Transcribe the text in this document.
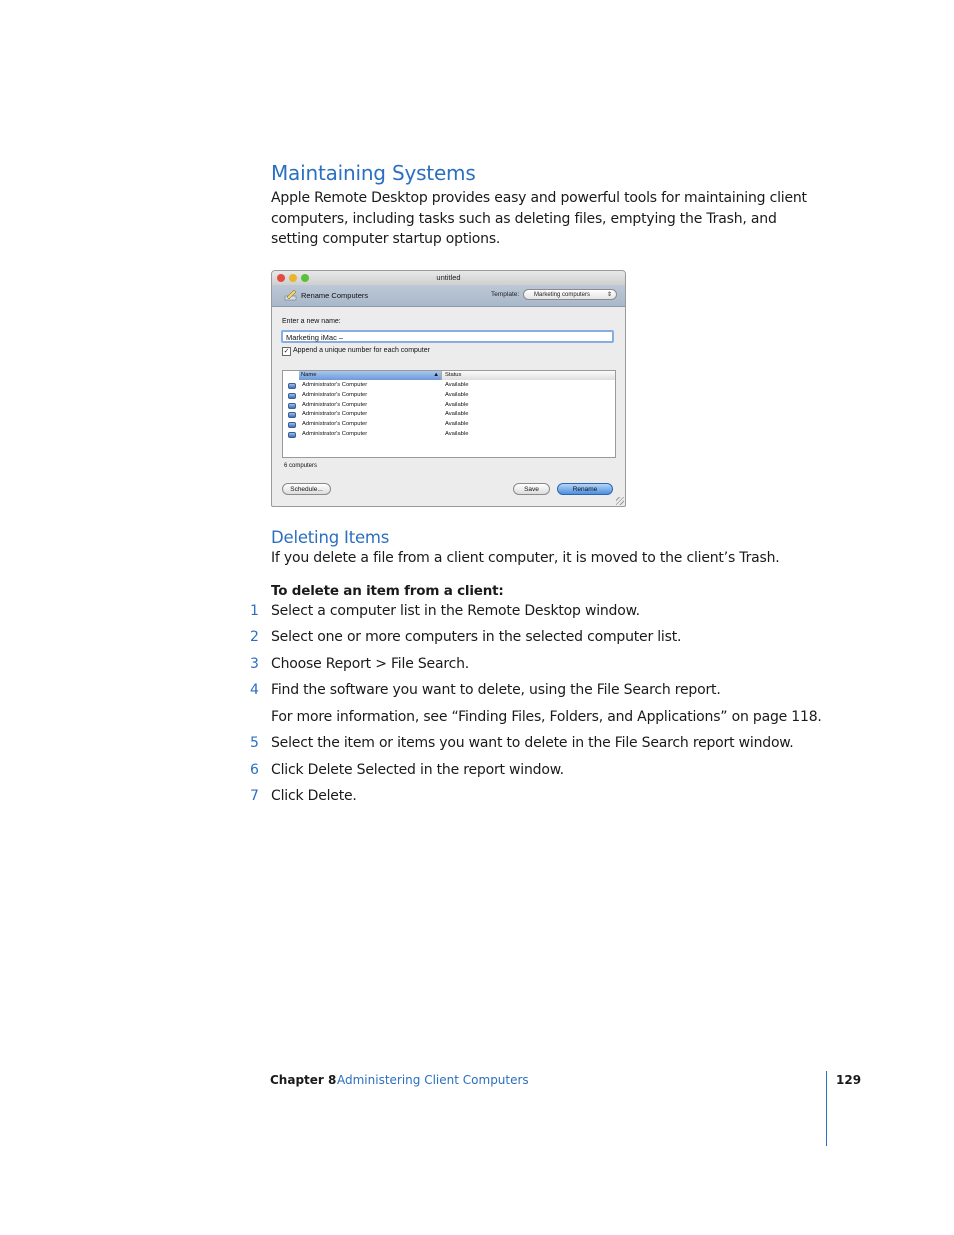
Maintaining Systems

Apple Remote Desktop provides easy and powerful tools for maintaining client computers, including tasks such as deleting files, emptying the Trash, and setting computer startup options.

untitled
Rename Computers	Template:	Marketing computers	⇕
Enter a new name:
Marketing iMac –
✓ Append a unique number for each computer
Name	▲	Status
Administrator's Computer	Available
Administrator's Computer	Available
Administrator's Computer	Available
Administrator's Computer	Available
Administrator's Computer	Available
Administrator's Computer	Available
6 computers
Schedule...	Save	Rename
Deleting Items

If you delete a file from a client computer, it is moved to the client’s Trash.

To delete an item from a client:

1 Select a computer list in the Remote Desktop window.

2 Select one or more computers in the selected computer list.

3 Choose Report > File Search.

4 Find the software you want to delete, using the File Search report.

For more information, see “Finding Files, Folders, and Applications” on page 118.

5 Select the item or items you want to delete in the File Search report window.

6 Click Delete Selected in the report window.

7 Click Delete.

Chapter 8 Administering Client Computers	129
